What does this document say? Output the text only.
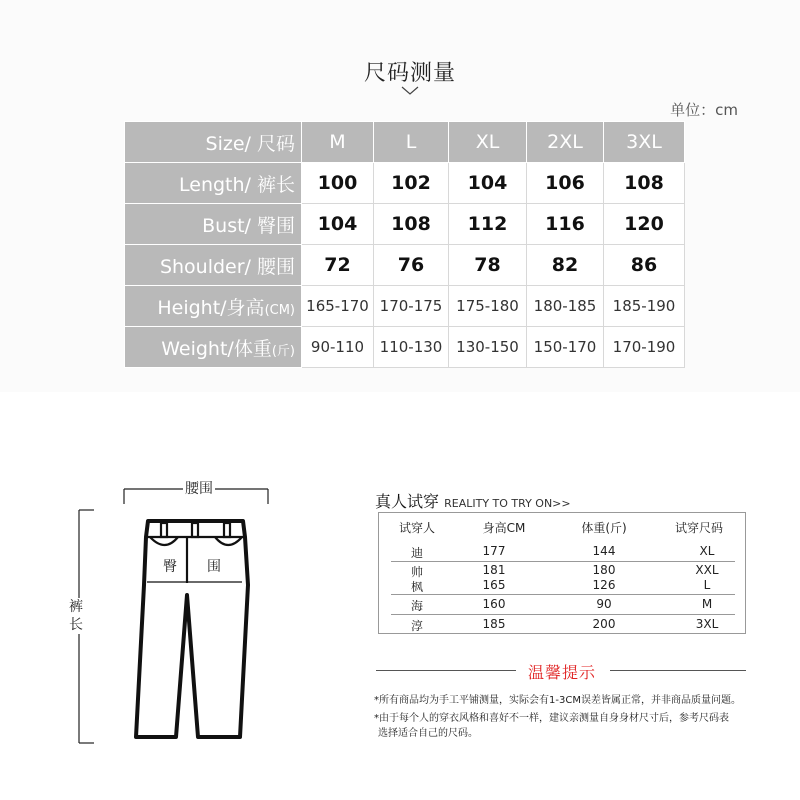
尺码测量
单位：cm
Size/ 尺码	M	L	XL	2XL	3XL
Length/ 裤长	100	102	104	106	108
Bust/ 臀围	104	108	112	116	120
Shoulder/ 腰围	72	76	78	82	86
Height/身高(CM)	165-170	170-175	175-180	180-185	185-190
Weight/体重(斤)	90-110	110-130	130-150	150-170	170-190
腰围
臀 围
裤长
真人试穿 REALITY TO TRY ON>>
试穿人	身高CM	体重(斤)	试穿尺码
迪	177	144	XL
帅	181	180	XXL
枫	165	126	L
海	160	90	M
淳	185	200	3XL
温馨提示
*所有商品均为手工平铺测量，实际会有1-3CM误差皆属正常，并非商品质量问题。
*由于每个人的穿衣风格和喜好不一样，建议亲测量自身身材尺寸后，参考尺码表
选择适合自己的尺码。
